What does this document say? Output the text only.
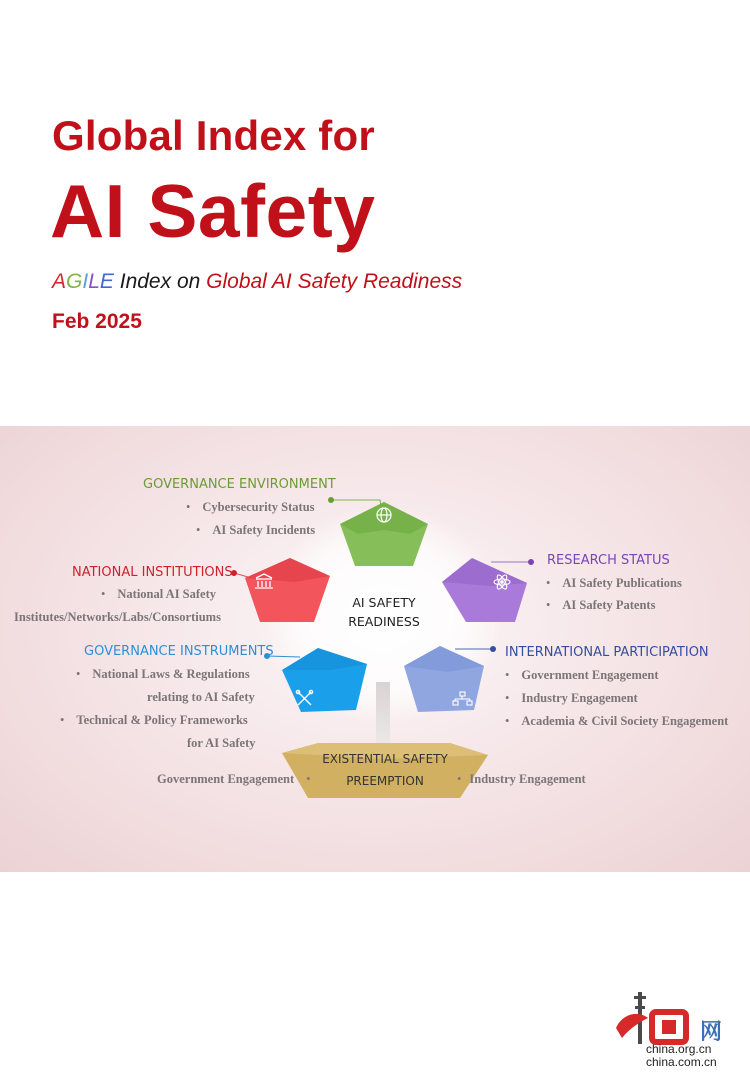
Global Index for
AI Safety
AGILE Index on Global AI Safety Readiness
Feb 2025
AI SAFETY
READINESS
GOVERNANCE ENVIRONMENT
• Cybersecurity Status
• AI Safety Incidents
NATIONAL INSTITUTIONS
• National AI Safety
Institutes/Networks/Labs/Consortiums
RESEARCH STATUS
• AI Safety Publications
• AI Safety Patents
GOVERNANCE INSTRUMENTS
• National Laws & Regulations
relating to AI Safety
• Technical & Policy Frameworks
for AI Safety
INTERNATIONAL PARTICIPATION
• Government Engagement
• Industry Engagement
• Academia & Civil Society Engagement
EXISTENTIAL SAFETY
PREEMPTION
Government Engagement •	• Industry Engagement
网
china.org.cn
china.com.cn
